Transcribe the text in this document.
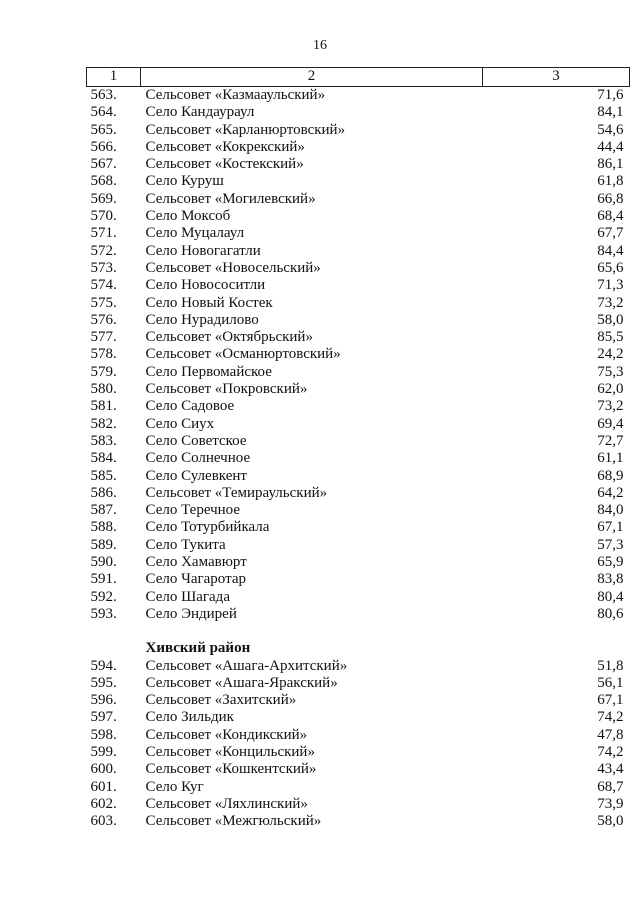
16
1	2	3
563.	Сельсовет «Казмааульский»	71,6
564.	Село Кандаураул	84,1
565.	Сельсовет «Карланюртовский»	54,6
566.	Сельсовет «Кокрекский»	44,4
567.	Сельсовет «Костекский»	86,1
568.	Село Куруш	61,8
569.	Сельсовет «Могилевский»	66,8
570.	Село Моксоб	68,4
571.	Село Муцалаул	67,7
572.	Село Новогагатли	84,4
573.	Сельсовет «Новосельский»	65,6
574.	Село Новососитли	71,3
575.	Село Новый Костек	73,2
576.	Село Нурадилово	58,0
577.	Сельсовет «Октябрьский»	85,5
578.	Сельсовет «Османюртовский»	24,2
579.	Село Первомайское	75,3
580.	Сельсовет «Покровский»	62,0
581.	Село Садовое	73,2
582.	Село Сиух	69,4
583.	Село Советское	72,7
584.	Село Солнечное	61,1
585.	Село Сулевкент	68,9
586.	Сельсовет «Темираульский»	64,2
587.	Село Теречное	84,0
588.	Село Тотурбийкала	67,1
589.	Село Тукита	57,3
590.	Село Хамавюрт	65,9
591.	Село Чагаротар	83,8
592.	Село Шагада	80,4
593.	Село Эндирей	80,6

	Хивский район	
594.	Сельсовет «Ашага-Архитский»	51,8
595.	Сельсовет «Ашага-Яракский»	56,1
596.	Сельсовет «Захитский»	67,1
597.	Село Зильдик	74,2
598.	Сельсовет «Кондикский»	47,8
599.	Сельсовет «Концильский»	74,2
600.	Сельсовет «Кошкентский»	43,4
601.	Село Куг	68,7
602.	Сельсовет «Ляхлинский»	73,9
603.	Сельсовет «Межгюльский»	58,0
